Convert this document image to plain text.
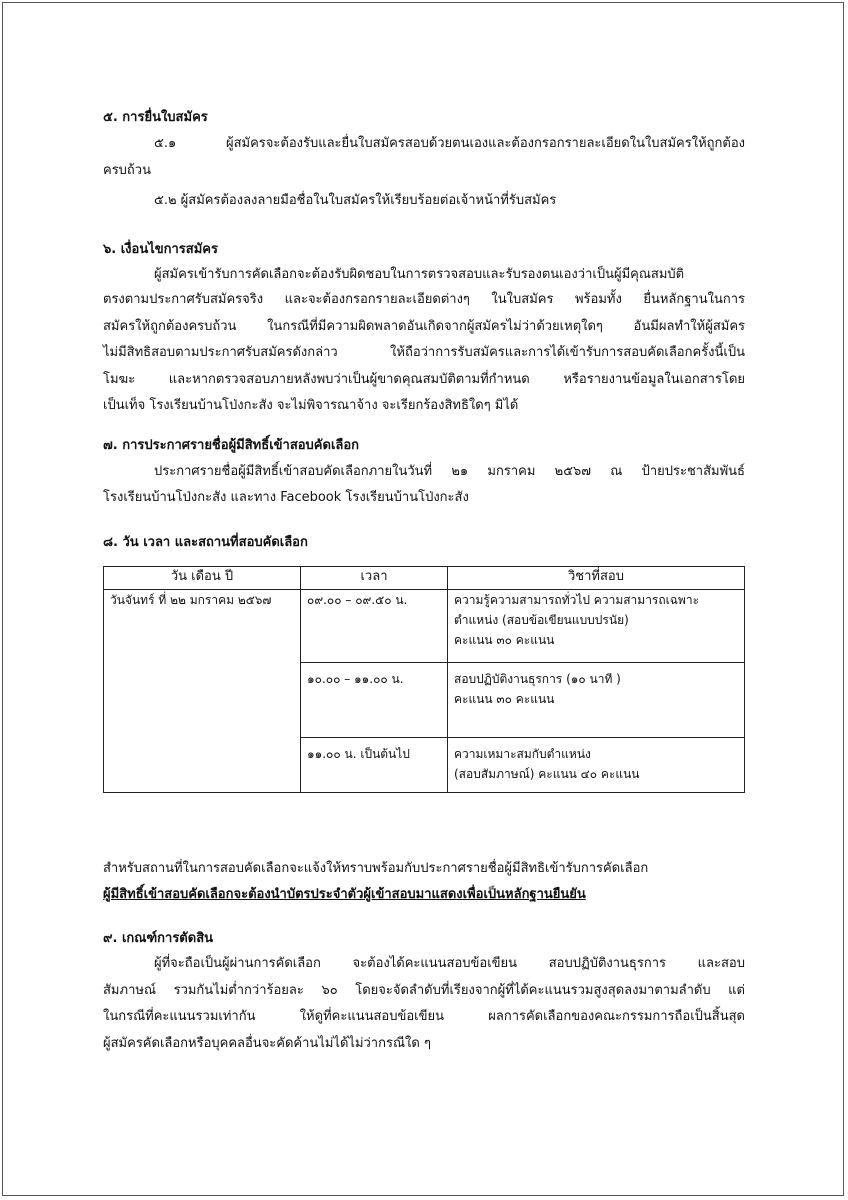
๕. การยื่นใบสมัคร
๕.๑ ผู้สมัครจะต้องรับและยื่นใบสมัครสอบด้วยตนเองและต้องกรอกรายละเอียดในใบสมัครให้ถูกต้อง
ครบถ้วน
๕.๒ ผู้สมัครต้องลงลายมือชื่อในใบสมัครให้เรียบร้อยต่อเจ้าหน้าที่รับสมัคร
๖. เงื่อนไขการสมัคร
ผู้สมัครเข้ารับการคัดเลือกจะต้องรับผิดชอบในการตรวจสอบและรับรองตนเองว่าเป็นผู้มีคุณสมบัติ
ตรงตามประกาศรับสมัครจริง และจะต้องกรอกรายละเอียดต่างๆ ในใบสมัคร พร้อมทั้ง ยื่นหลักฐานในการ
สมัครให้ถูกต้องครบถ้วน ในกรณีที่มีความผิดพลาดอันเกิดจากผู้สมัครไม่ว่าด้วยเหตุใดๆ อันมีผลทำให้ผู้สมัคร
ไม่มีสิทธิสอบตามประกาศรับสมัครดังกล่าว ให้ถือว่าการรับสมัครและการได้เข้ารับการสอบคัดเลือกครั้งนี้เป็น
โมฆะ และหากตรวจสอบภายหลังพบว่าเป็นผู้ขาดคุณสมบัติตามที่กำหนด หรือรายงานข้อมูลในเอกสารโดย
เป็นเท็จ โรงเรียนบ้านโป่งกะสัง จะไม่พิจารณาจ้าง จะเรียกร้องสิทธิใดๆ มิได้
๗. การประกาศรายชื่อผู้มีสิทธิ์เข้าสอบคัดเลือก
ประกาศรายชื่อผู้มีสิทธิ์เข้าสอบคัดเลือกภายในวันที่ ๒๑ มกราคม ๒๕๖๗ ณ ป้ายประชาสัมพันธ์
โรงเรียนบ้านโป่งกะสัง และทาง Facebook โรงเรียนบ้านโป่งกะสัง
๘. วัน เวลา และสถานที่สอบคัดเลือก
วัน เดือน ปี	เวลา	วิชาที่สอบ

วันจันทร์ ที่ ๒๒ มกราคม ๒๕๖๗	๐๙.๐๐ – ๐๙.๕๐ น.	ความรู้ความสามารถทั่วไป ความสามารถเฉพาะ
ตำแหน่ง (สอบข้อเขียนแบบปรนัย)
คะแนน ๓๐ คะแนน

	๑๐.๐๐ – ๑๑.๐๐ น.	สอบปฏิบัติงานธุรการ (๑๐ นาที )
คะแนน ๓๐ คะแนน

	๑๑.๐๐ น. เป็นต้นไป	ความเหมาะสมกับตำแหน่ง
(สอบสัมภาษณ์) คะแนน ๔๐ คะแนน
สำหรับสถานที่ในการสอบคัดเลือกจะแจ้งให้ทราบพร้อมกับประกาศรายชื่อผู้มีสิทธิเข้ารับการคัดเลือก
ผู้มีสิทธิ์เข้าสอบคัดเลือกจะต้องนำบัตรประจำตัวผู้เข้าสอบมาแสดงเพื่อเป็นหลักฐานยืนยัน
๙. เกณฑ์การตัดสิน
ผู้ที่จะถือเป็นผู้ผ่านการคัดเลือก จะต้องได้คะแนนสอบข้อเขียน สอบปฏิบัติงานธุรการ และสอบ
สัมภาษณ์ รวมกันไม่ต่ำกว่าร้อยละ ๖๐ โดยจะจัดลำดับที่เรียงจากผู้ที่ได้คะแนนรวมสูงสุดลงมาตามลำดับ แต่
ในกรณีที่คะแนนรวมเท่ากัน ให้ดูที่คะแนนสอบข้อเขียน ผลการคัดเลือกของคณะกรรมการถือเป็นสิ้นสุด
ผู้สมัครคัดเลือกหรือบุคคลอื่นจะคัดค้านไม่ได้ไม่ว่ากรณีใด ๆ
